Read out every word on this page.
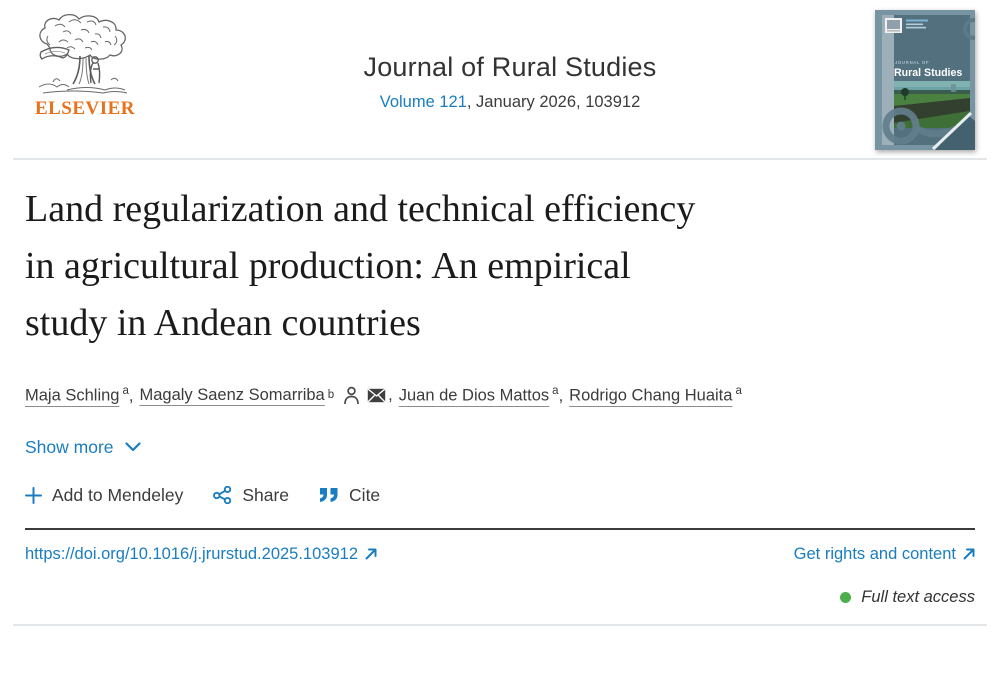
ELSEVIER
Journal of Rural Studies
Volume 121, January 2026, 103912
JOURNAL OF
Rural Studies
Land regularization and technical efficiency
in agricultural production: An empirical
study in Andean countries
Maja Schling $^a$, Magaly Saenz Somarriba b	, Juan de Dios Mattos $^a$, Rodrigo Chang Huaita $^a$
Show more
Add to Mendeley	Share	Cite
https://doi.org/10.1016/j.jrurstud.2025.103912	Get rights and content
Full text access
